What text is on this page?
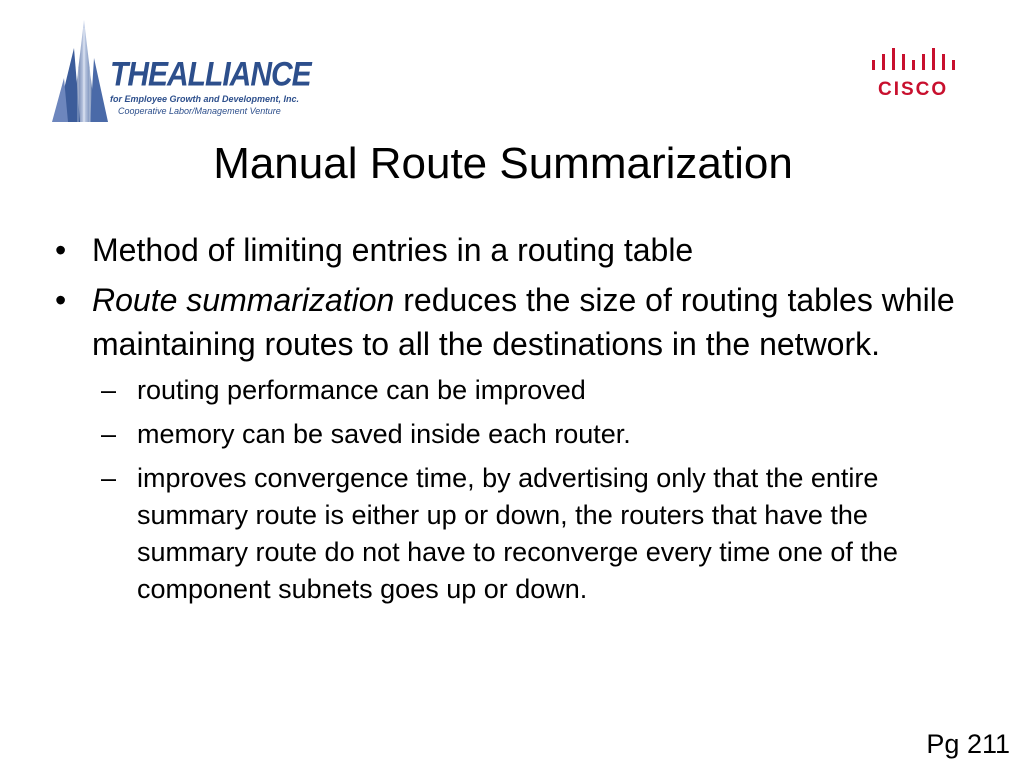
THEALLIANCE
for Employee Growth and Development, Inc.
Cooperative Labor/Management Venture
CISCO
Manual Route Summarization
• Method of limiting entries in a routing table
• Route summarization reduces the size of routing tables while maintaining routes to all the destinations in the network.
– routing performance can be improved
– memory can be saved inside each router.
– improves convergence time, by advertising only that the entire summary route is either up or down, the routers that have the summary route do not have to reconverge every time one of the component subnets goes up or down.
Pg 211
